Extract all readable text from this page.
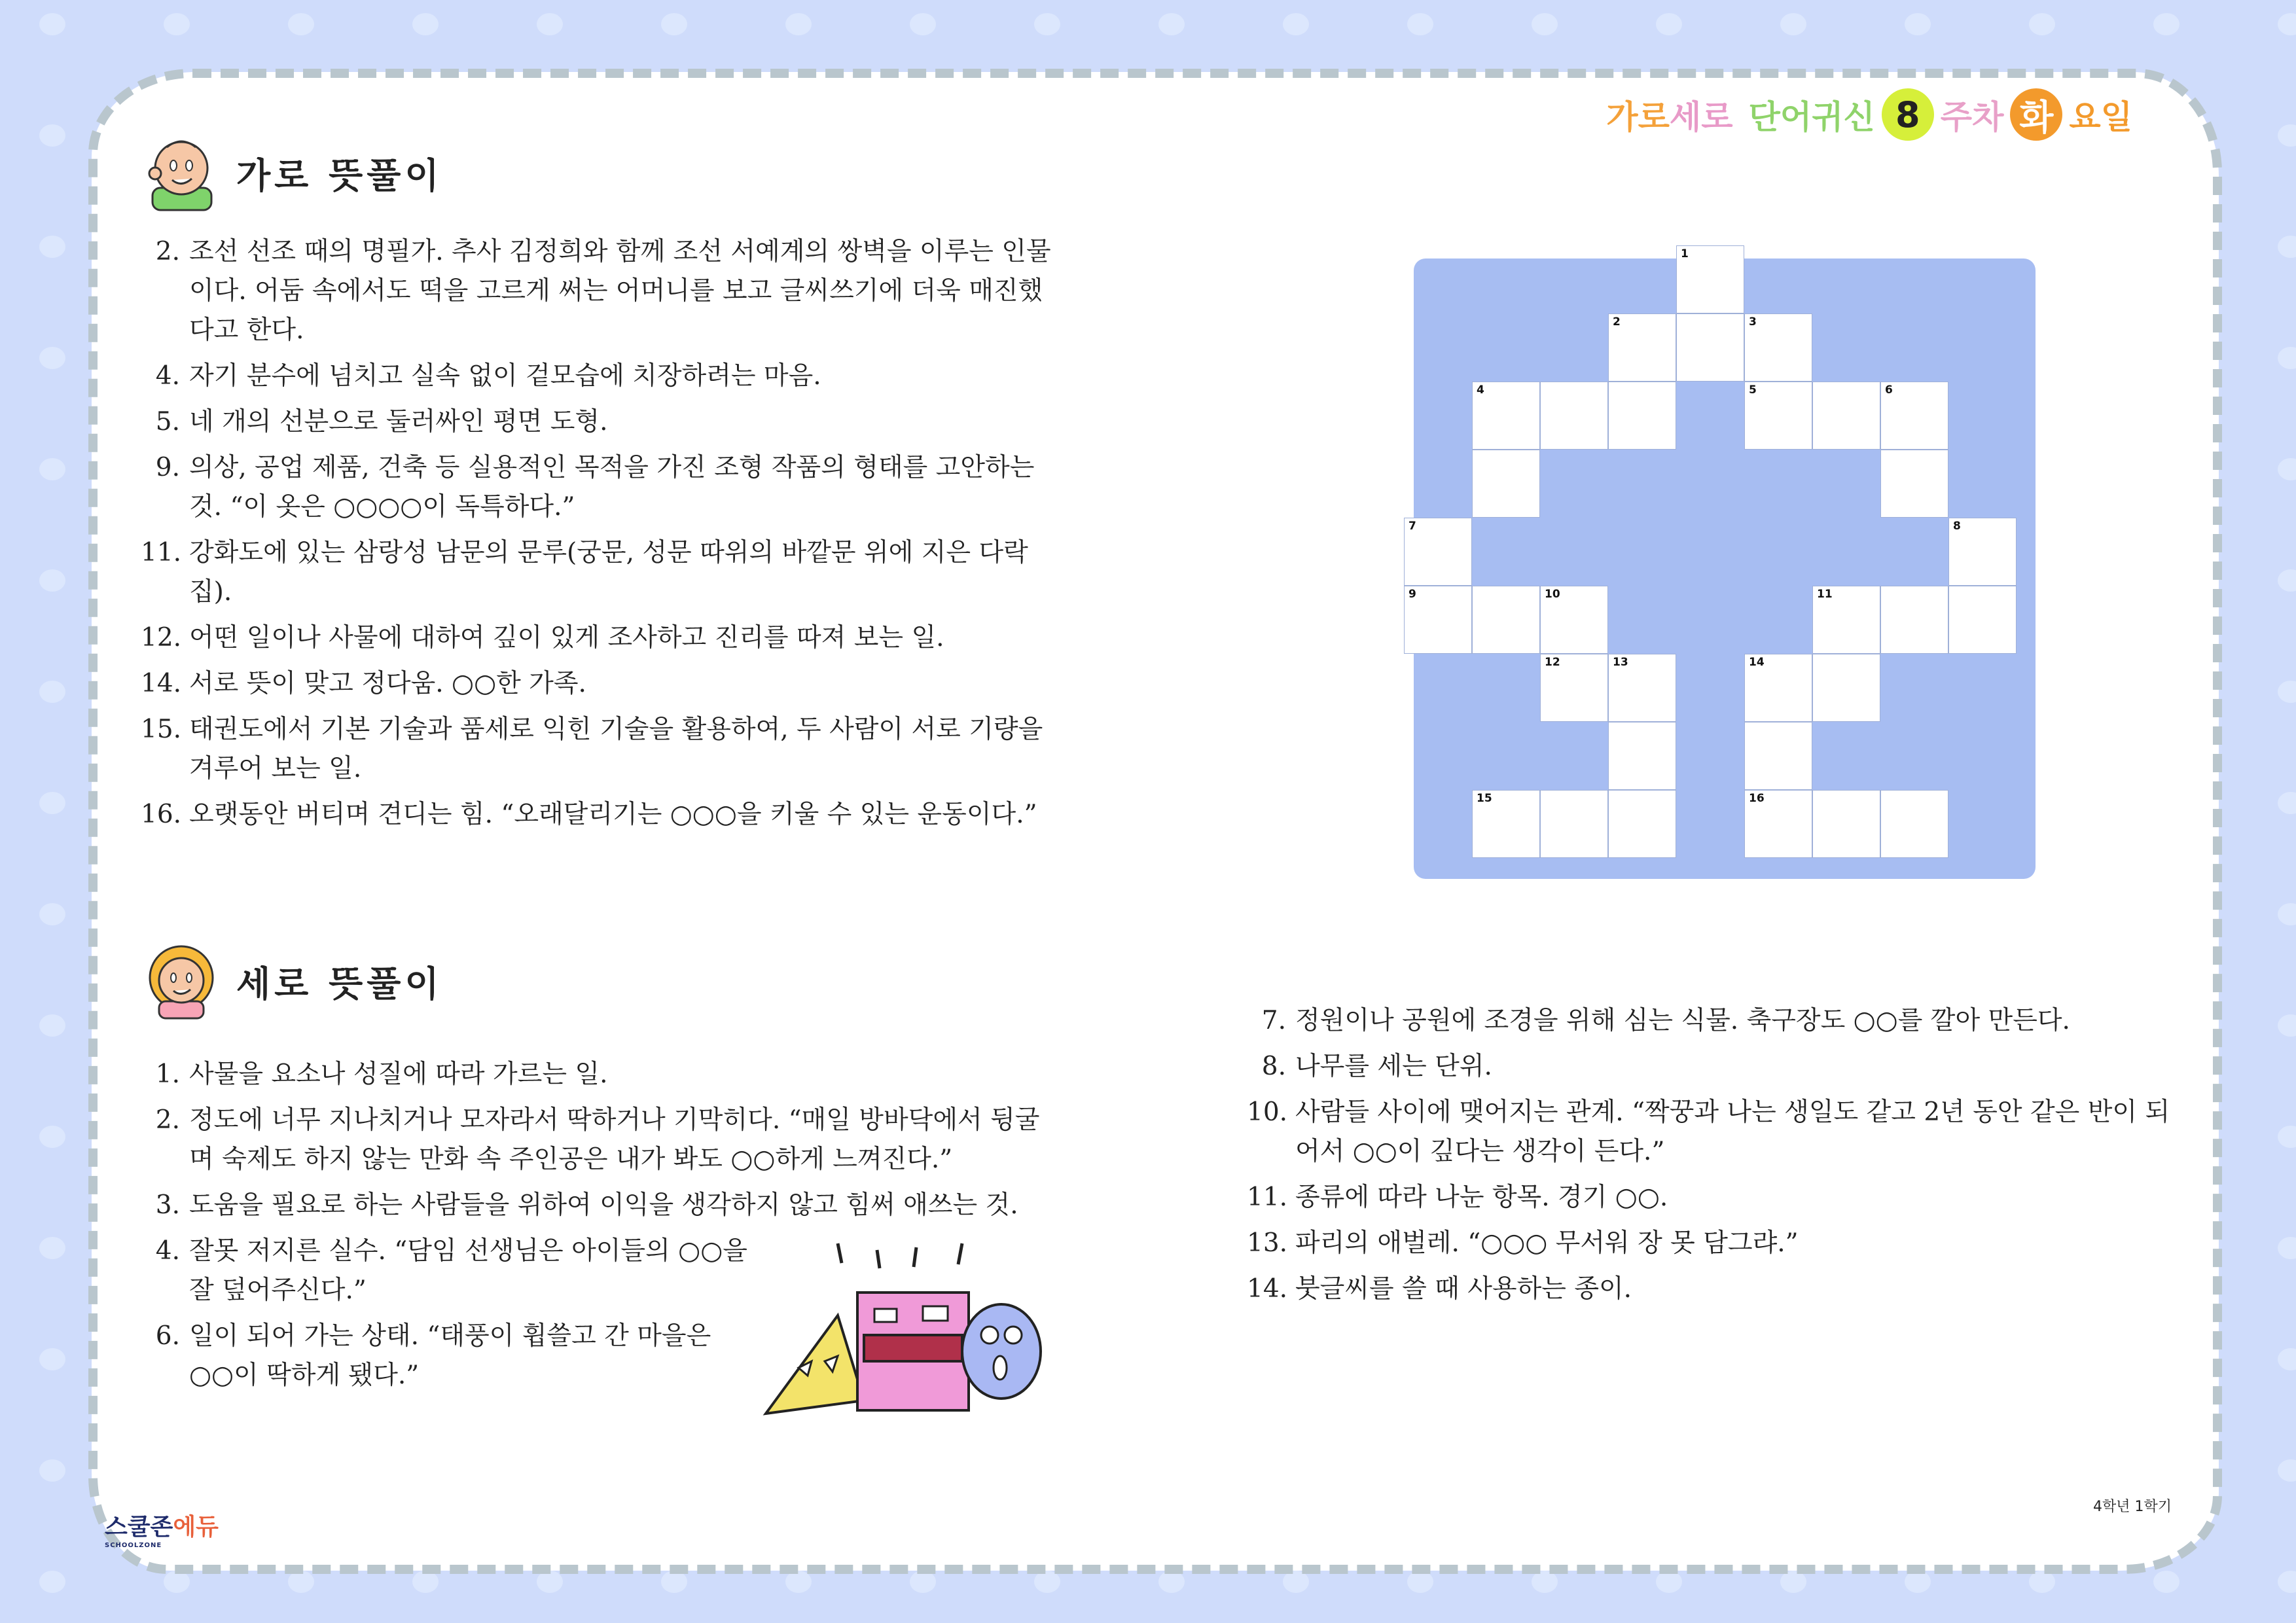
가로세로 단어귀신 8 주차 화 요일
가로 뜻풀이
2. 조선 선조 때의 명필가. 추사 김정희와 함께 조선 서예계의 쌍벽을 이루는 인물이다. 어둠 속에서도 떡을 고르게 써는 어머니를 보고 글씨쓰기에 더욱 매진했다고 한다.
4. 자기 분수에 넘치고 실속 없이 겉모습에 치장하려는 마음.
5. 네 개의 선분으로 둘러싸인 평면 도형.
9. 의상, 공업 제품, 건축 등 실용적인 목적을 가진 조형 작품의 형태를 고안하는 것. “이 옷은 ○○○○이 독특하다.”
11. 강화도에 있는 삼랑성 남문의 문루(궁문, 성문 따위의 바깥문 위에 지은 다락집).
12. 어떤 일이나 사물에 대하여 깊이 있게 조사하고 진리를 따져 보는 일.
14. 서로 뜻이 맞고 정다움. ○○한 가족.
15. 태권도에서 기본 기술과 품세로 익힌 기술을 활용하여, 두 사람이 서로 기량을 겨루어 보는 일.
16. 오랫동안 버티며 견디는 힘. “오래달리기는 ○○○을 키울 수 있는 운동이다.”
1
2	3
4	5	6
7	8
9	10	11
12	13	14
15	16
세로 뜻풀이
1. 사물을 요소나 성질에 따라 가르는 일.
2. 정도에 너무 지나치거나 모자라서 딱하거나 기막히다. “매일 방바닥에서 뒹굴며 숙제도 하지 않는 만화 속 주인공은 내가 봐도 ○○하게 느껴진다.”
3. 도움을 필요로 하는 사람들을 위하여 이익을 생각하지 않고 힘써 애쓰는 것.
4. 잘못 저지른 실수. “담임 선생님은 아이들의 ○○을 잘 덮어주신다.”
6. 일이 되어 가는 상태. “태풍이 휩쓸고 간 마을은 ○○이 딱하게 됐다.”
7. 정원이나 공원에 조경을 위해 심는 식물. 축구장도 ○○를 깔아 만든다.
8. 나무를 세는 단위.
10. 사람들 사이에 맺어지는 관계. “짝꿍과 나는 생일도 같고 2년 동안 같은 반이 되어서 ○○이 깊다는 생각이 든다.”
11. 종류에 따라 나눈 항목. 경기 ○○.
13. 파리의 애벌레. “○○○ 무서워 장 못 담그랴.”
14. 붓글씨를 쓸 때 사용하는 종이.
스쿨존에듀
SCHOOLZONE
4학년 1학기
